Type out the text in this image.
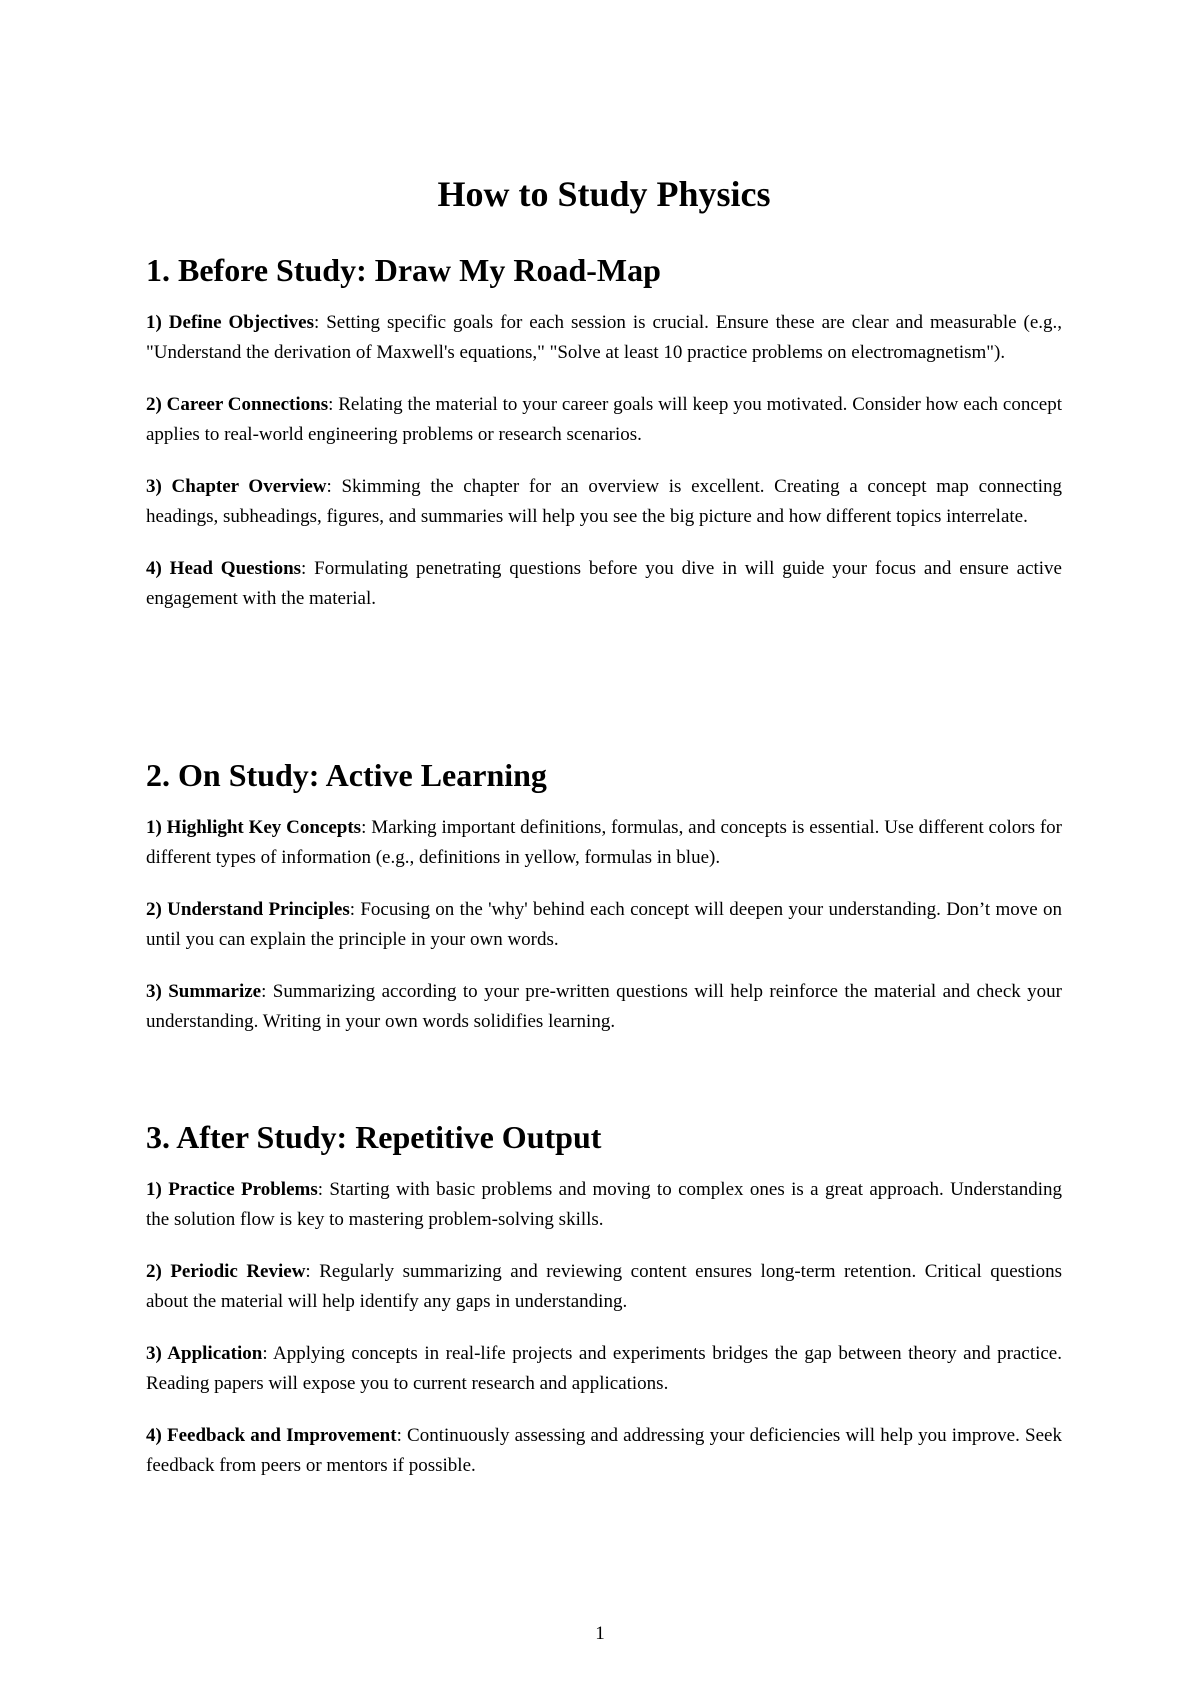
How to Study Physics
1. Before Study: Draw My Road-Map

1) Define Objectives: Setting specific goals for each session is crucial. Ensure these are clear and measurable (e.g., "Understand the derivation of Maxwell's equations," "Solve at least 10 practice problems on electromagnetism").

2) Career Connections: Relating the material to your career goals will keep you motivated. Consider how each concept applies to real-world engineering problems or research scenarios.

3) Chapter Overview: Skimming the chapter for an overview is excellent. Creating a concept map connecting headings, subheadings, figures, and summaries will help you see the big picture and how different topics interrelate.

4) Head Questions: Formulating penetrating questions before you dive in will guide your focus and ensure active engagement with the material.

2. On Study: Active Learning

1) Highlight Key Concepts: Marking important definitions, formulas, and concepts is essential. Use different colors for different types of information (e.g., definitions in yellow, formulas in blue).

2) Understand Principles: Focusing on the 'why' behind each concept will deepen your understanding. Don’t move on until you can explain the principle in your own words.

3) Summarize: Summarizing according to your pre-written questions will help reinforce the material and check your understanding. Writing in your own words solidifies learning.

3. After Study: Repetitive Output

1) Practice Problems: Starting with basic problems and moving to complex ones is a great approach. Understanding the solution flow is key to mastering problem-solving skills.

2) Periodic Review: Regularly summarizing and reviewing content ensures long-term retention. Critical questions about the material will help identify any gaps in understanding.

3) Application: Applying concepts in real-life projects and experiments bridges the gap between theory and practice. Reading papers will expose you to current research and applications.

4) Feedback and Improvement: Continuously assessing and addressing your deficiencies will help you improve. Seek feedback from peers or mentors if possible.

1
